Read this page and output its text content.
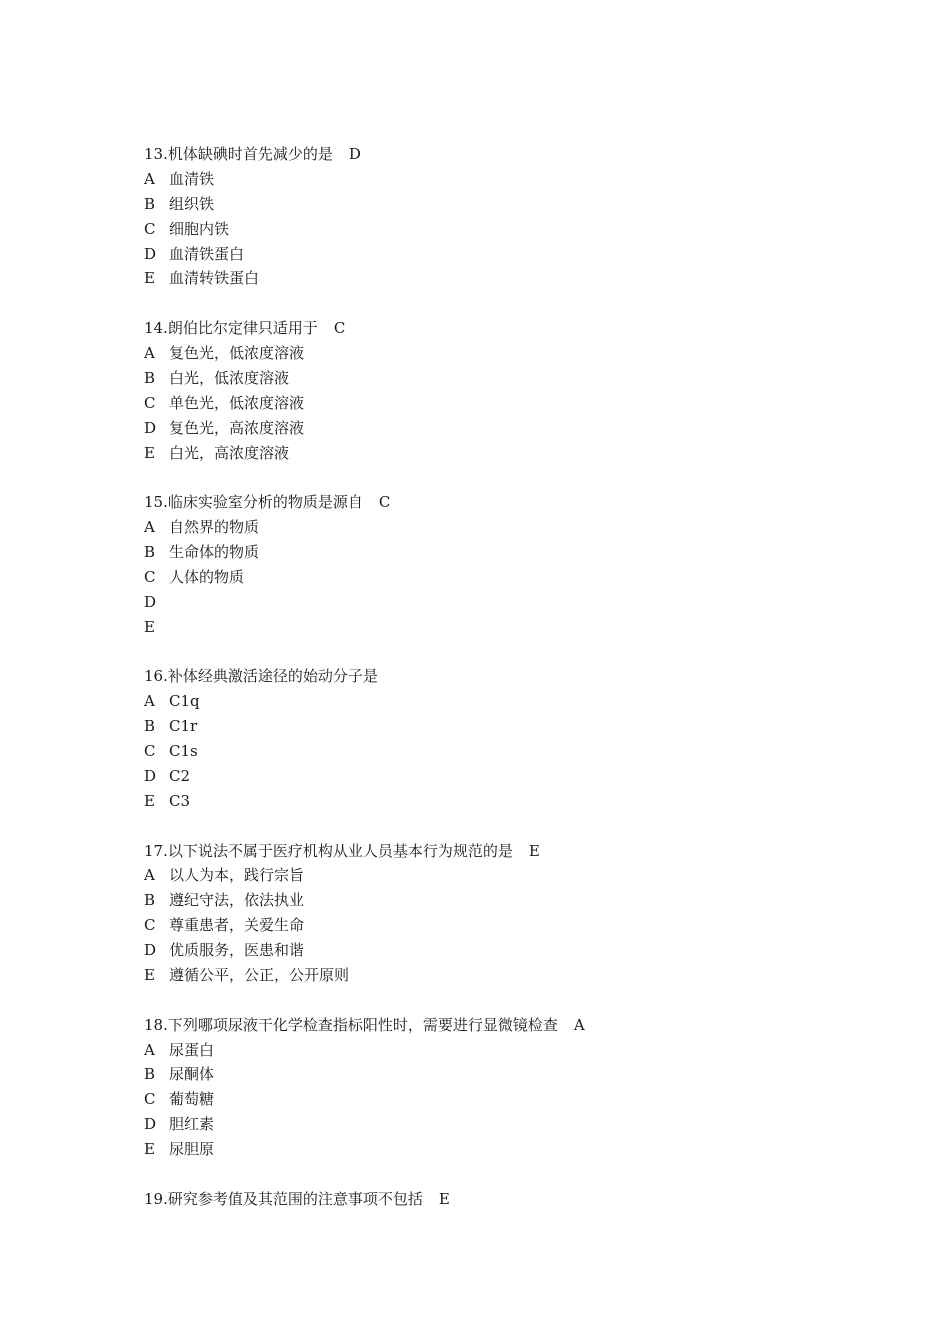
13.机体缺碘时首先减少的是 D
A 血清铁
B 组织铁
C 细胞内铁
D 血清铁蛋白
E 血清转铁蛋白
14.朗伯比尔定律只适用于 C
A 复色光，低浓度溶液
B 白光，低浓度溶液
C 单色光，低浓度溶液
D 复色光，高浓度溶液
E 白光，高浓度溶液
15.临床实验室分析的物质是源自 C
A 自然界的物质
B 生命体的物质
C 人体的物质
D
E
16.补体经典激活途径的始动分子是
A C1q
B C1r
C C1s
D C2
E C3
17.以下说法不属于医疗机构从业人员基本行为规范的是 E
A 以人为本，践行宗旨
B 遵纪守法，依法执业
C 尊重患者，关爱生命
D 优质服务，医患和谐
E 遵循公平，公正，公开原则
18.下列哪项尿液干化学检查指标阳性时，需要进行显微镜检查 A
A 尿蛋白
B 尿酮体
C 葡萄糖
D 胆红素
E 尿胆原
19.研究参考值及其范围的注意事项不包括 E
